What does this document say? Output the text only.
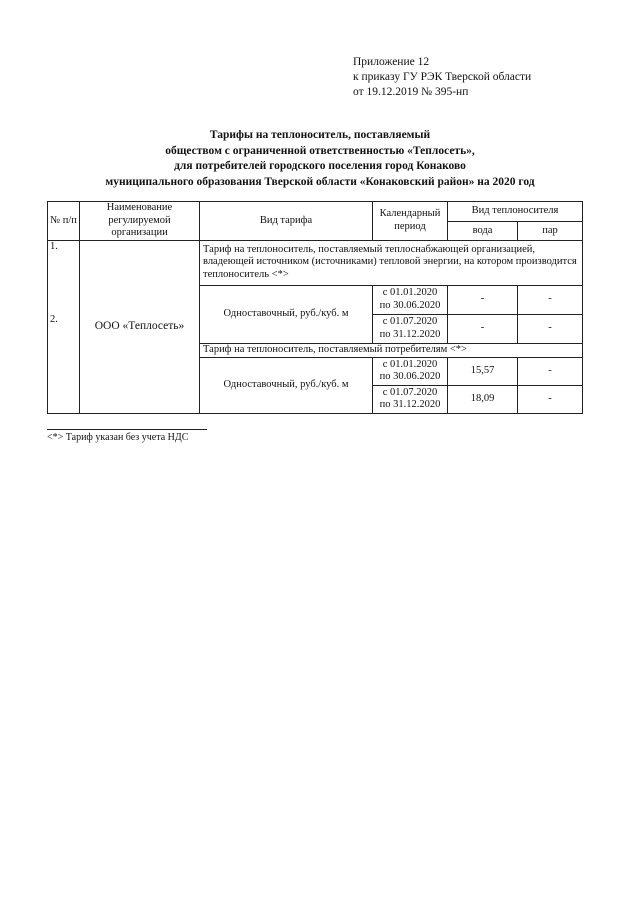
Приложение 12
к приказу ГУ РЭК Тверской области
от 19.12.2019 № 395-нп
Тарифы на теплоноситель, поставляемый
обществом с ограниченной ответственностью «Теплосеть»,
для потребителей городского поселения город Конаково
муниципального образования Тверской области «Конаковский район» на 2020 год
№ п/п	Наименование регулируемой организации	Вид тарифа	Календарный период	Вид теплоносителя	
				вода	пар
1.	ООО «Теплосеть»	Тариф на теплоноситель, поставляемый теплоснабжающей организацией, владеющей источником (источниками) тепловой энергии, на котором производится теплоноситель <*>			
		Одноставочный, руб./куб. м	с 01.01.2020
по 30.06.2020	-	-
2.			с 01.07.2020
по 31.12.2020	-	-
		Тариф на теплоноситель, поставляемый потребителям <*>			
		Одноставочный, руб./куб. м	с 01.01.2020
по 30.06.2020	15,57	-

			с 01.07.2020
по 31.12.2020	18,09	-
<*> Тариф указан без учета НДС
